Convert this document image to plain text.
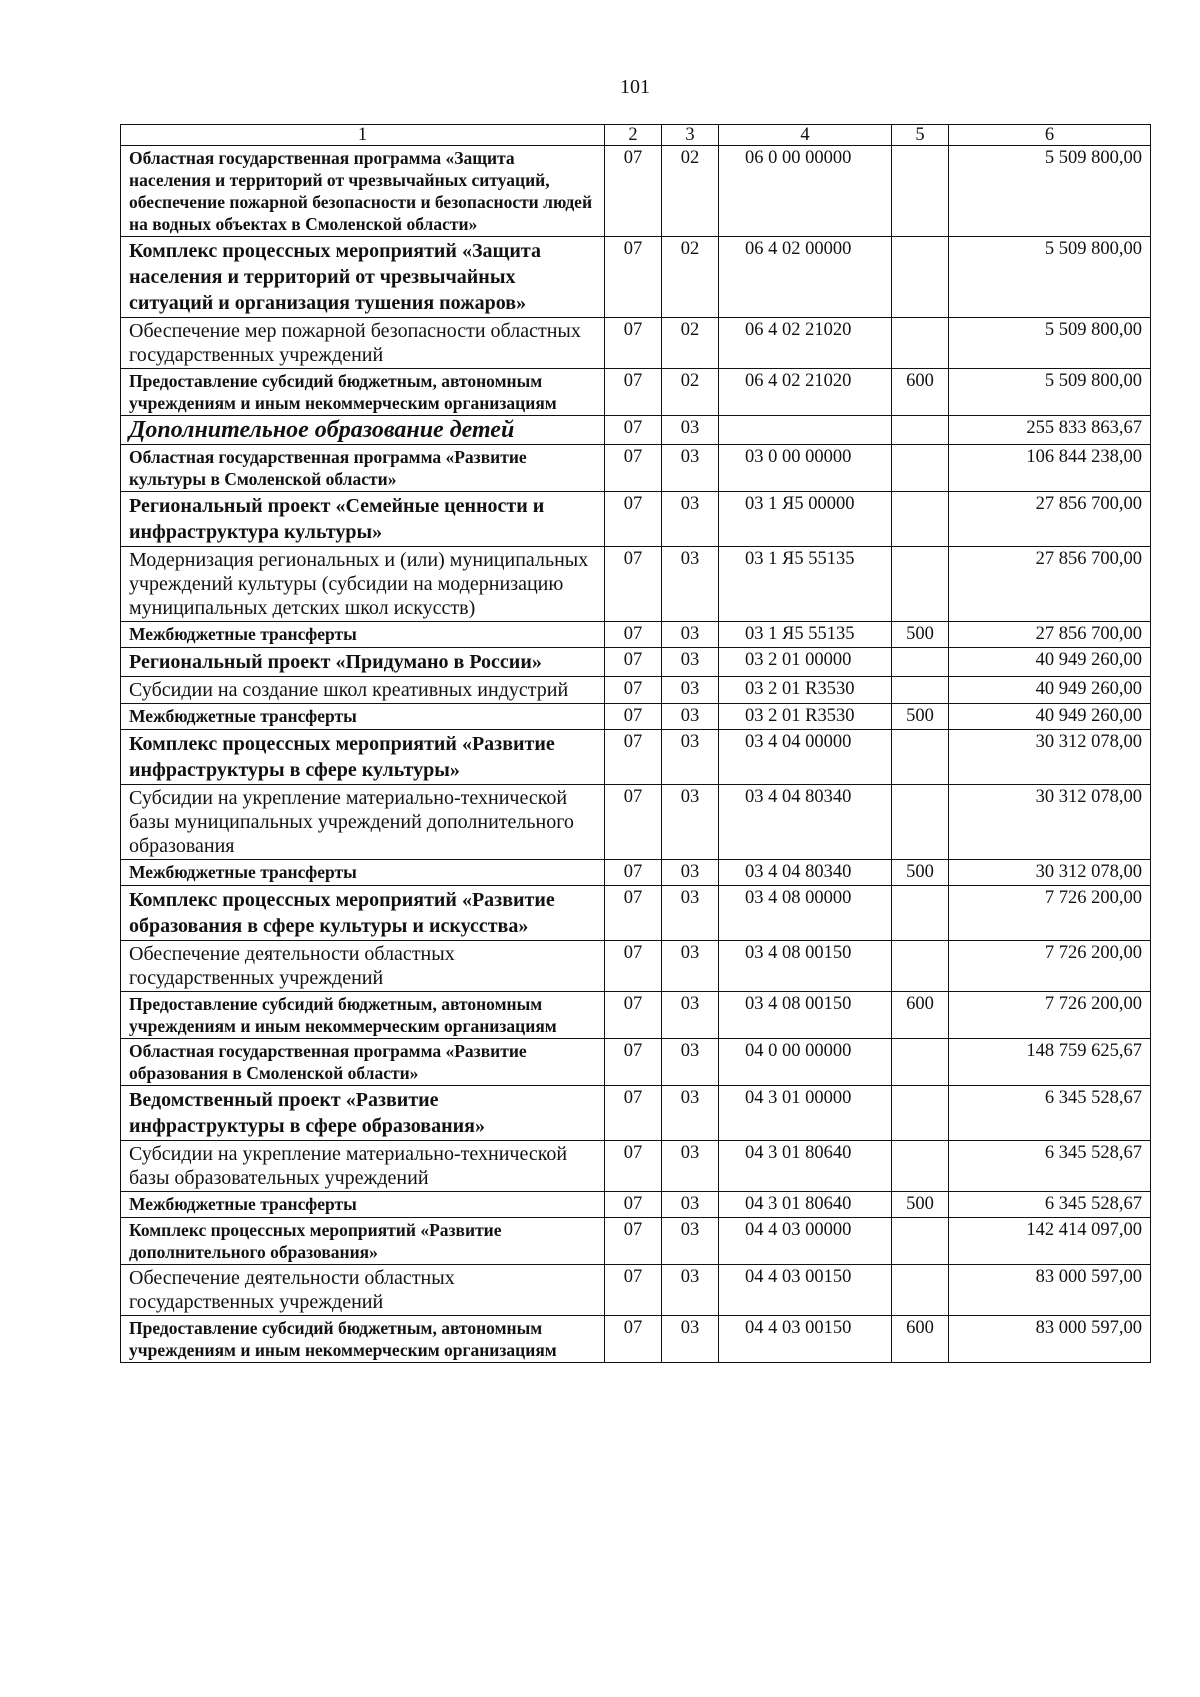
101
1	2	3	4	5	6
Областная государственная программа «Защита населения и территорий от чрезвычайных ситуаций, обеспечение пожарной безопасности и безопасности людей на водных объектах в Смоленской области»	07	02	06 0 00 00000		5 509 800,00
Комплекс процессных мероприятий «Защита населения и территорий от чрезвычайных ситуаций и организация тушения пожаров»	07	02	06 4 02 00000		5 509 800,00
Обеспечение мер пожарной безопасности областных государственных учреждений	07	02	06 4 02 21020		5 509 800,00
Предоставление субсидий бюджетным, автономным учреждениям и иным некоммерческим организациям	07	02	06 4 02 21020	600	5 509 800,00
Дополнительное образование детей	07	03			255 833 863,67
Областная государственная программа «Развитие культуры в Смоленской области»	07	03	03 0 00 00000		106 844 238,00
Региональный проект «Семейные ценности и инфраструктура культуры»	07	03	03 1 Я5 00000		27 856 700,00
Модернизация региональных и (или) муниципальных учреждений культуры (субсидии на модернизацию муниципальных детских школ искусств)	07	03	03 1 Я5 55135		27 856 700,00
Межбюджетные трансферты	07	03	03 1 Я5 55135	500	27 856 700,00
Региональный проект «Придумано в России»	07	03	03 2 01 00000		40 949 260,00
Субсидии на создание школ креативных индустрий	07	03	03 2 01 R3530		40 949 260,00
Межбюджетные трансферты	07	03	03 2 01 R3530	500	40 949 260,00
Комплекс процессных мероприятий «Развитие инфраструктуры в сфере культуры»	07	03	03 4 04 00000		30 312 078,00
Субсидии на укрепление материально-технической базы муниципальных учреждений дополнительного образования	07	03	03 4 04 80340		30 312 078,00
Межбюджетные трансферты	07	03	03 4 04 80340	500	30 312 078,00
Комплекс процессных мероприятий «Развитие образования в сфере культуры и искусства»	07	03	03 4 08 00000		7 726 200,00
Обеспечение деятельности областных государственных учреждений	07	03	03 4 08 00150		7 726 200,00
Предоставление субсидий бюджетным, автономным учреждениям и иным некоммерческим организациям	07	03	03 4 08 00150	600	7 726 200,00
Областная государственная программа «Развитие образования в Смоленской области»	07	03	04 0 00 00000		148 759 625,67
Ведомственный проект «Развитие инфраструктуры в сфере образования»	07	03	04 3 01 00000		6 345 528,67
Субсидии на укрепление материально-технической базы образовательных учреждений	07	03	04 3 01 80640		6 345 528,67
Межбюджетные трансферты	07	03	04 3 01 80640	500	6 345 528,67
Комплекс процессных мероприятий «Развитие дополнительного образования»	07	03	04 4 03 00000		142 414 097,00
Обеспечение деятельности областных государственных учреждений	07	03	04 4 03 00150		83 000 597,00
Предоставление субсидий бюджетным, автономным учреждениям и иным некоммерческим организациям	07	03	04 4 03 00150	600	83 000 597,00
